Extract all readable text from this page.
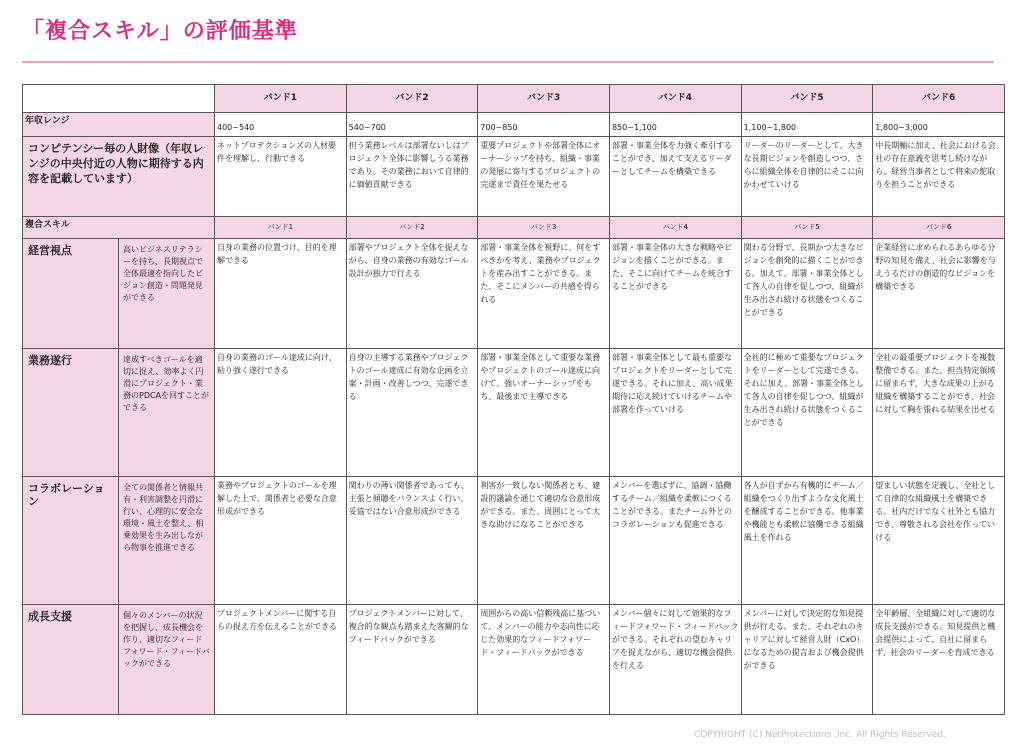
「複合スキル」の評価基準
		バンド1	バンド2	バンド3	バンド4	バンド5	バンド6
年収レンジ		400~540	540~700	700~850	850~1,100	1,100~1,800	1,800~3,000
コンピテンシー毎の人財像（年収レンジの中央付近の人物に期待する内容を記載しています）		ネットプロテクションズの人材要件を理解し、行動できる	担う業務レベルは部署ないしはプロジェクト全体に影響しうる業務であり、その業務において自律的に価値貢献できる	重要プロジェクトや部署全体にオーナーシップを持ち、組織・事業の発展に寄与するプロジェクトの完遂まで責任を果たせる	部署・事業全体を力強く牽引することができ、加えて支えるリーダーとしてチームを構築できる	リーダーのリーダーとして、大きな長期ビジョンを創造しつつ、さらに組織全体を自律的にそこに向かわせていける	中長期軸に加え、社会における会社の存在意義を思考し続けながら、経営当事者として将来の舵取りを担うことができる
複合スキル		バンド1	バンド2	バンド3	バンド4	バンド5	バンド6
経営視点	高いビジネスリテラシーを持ち、長期視点で全体最適を指向したビジョン創造・問題発見ができる	自身の業務の位置づけ、目的を理解できる	部署やプロジェクト全体を捉えながら、自身の業務の有効なゴール設計が独力で行える	部署・事業全体を視野に、何をすべきかを考え、業務やプロジェクトを産み出すことができる。また、そこにメンバーの共感を得られる	部署・事業全体の大きな戦略やビジョンを描くことができる。また、そこに向けてチームを統合することができる	関わる分野で、長期かつ大きなビジョンを創発的に描くことができる。加えて、部署・事業全体として各人の自律を促しつつ、組織が生み出され続ける状態をつくることができる	企業経営に求められるあらゆる分野の知見を備え、社会に影響を与えうるだけの創造的なビジョンを構築できる
業務遂行	達成すべきゴールを適切に捉え、効率よく円滑にプロジェクト・業務のPDCAを回すことができる	自身の業務のゴール達成に向け、粘り強く遂行できる	自身の主導する業務やプロジェクトのゴール達成に有効な企画を立案・計画・改善しつつ、完遂できる	部署・事業全体として重要な業務やプロジェクトのゴール達成に向けて、強いオーナーシップをもち、最後まで主導できる	部署・事業全体として最も重要なプロジェクトをリーダーとして完遂できる。それに加え、高い成果期待に応え続けていけるチームや部署を作っていける	全社的に極めて重要なプロジェクトをリーダーとして完遂できる。それに加え、部署・事業全体として各人の自律を促しつつ、組織が生み出され続ける状態をつくることができる	全社の最重要プロジェクトを複数整備できる。また、担当特定領域に留まらず、大きな成果の上がる組織を構築することができ、社会に対して胸を張れる結果を出せる
コラボレーション	全ての関係者と情報共有・利害調整を円滑に行い、心理的に安全な環境・風土を整え、相乗効果を生み出しながら物事を推進できる	業務やプロジェクトのゴールを理解した上で、関係者と必要な合意形成ができる	関わりの薄い関係者であっても、主張と傾聴をバランスよく行い、妥協ではない合意形成ができる	利害が一致しない関係者とも、建設的議論を通じて適切な合意形成ができる。また、周囲にとって大きな助けになることができる	メンバーを選ばずに、協調・協働するチーム／組織を柔軟につくることができる。またチーム外とのコラボレーションも促進できる	各人が自ずから有機的にチーム／組織をつくり出すような文化風土を醸成することができる。他事業や機能とも柔軟に協働できる組織風土を作れる	望ましい状態を定義し、全社として自律的な組織風土を構築できる。社内だけでなく社外とも協力でき、尊敬される会社を作っていける
成長支援	個々のメンバーの状況を把握し、成長機会を作り、適切なフィードフォワード・フィードバックができる	プロジェクトメンバーに関する自らの捉え方を伝えることができる	プロジェクトメンバーに対して、複合的な観点も踏まえた客観的なフィードバックができる	周囲からの高い信頼残高に基づいて、メンバーの能力や志向性に応じた効果的なフィードフォワード・フィードバックができる	メンバー個々に対して効果的なフィードフォワード・フィードバックができる。それぞれの望むキャリアを捉えながら、適切な機会提供を行える	メンバーに対して決定的な知見提供が行える。また、それぞれのキャリアに対して経営人財（CxO）になるための提言および機会提供ができる	全年齢層、全組織に対して適切な成長支援ができる。知見提供と機会提供によって、自社に留まらず、社会のリーダーを育成できる
COPYRIGHT (C) NetProtections ,Inc. All Rights Reserved.
